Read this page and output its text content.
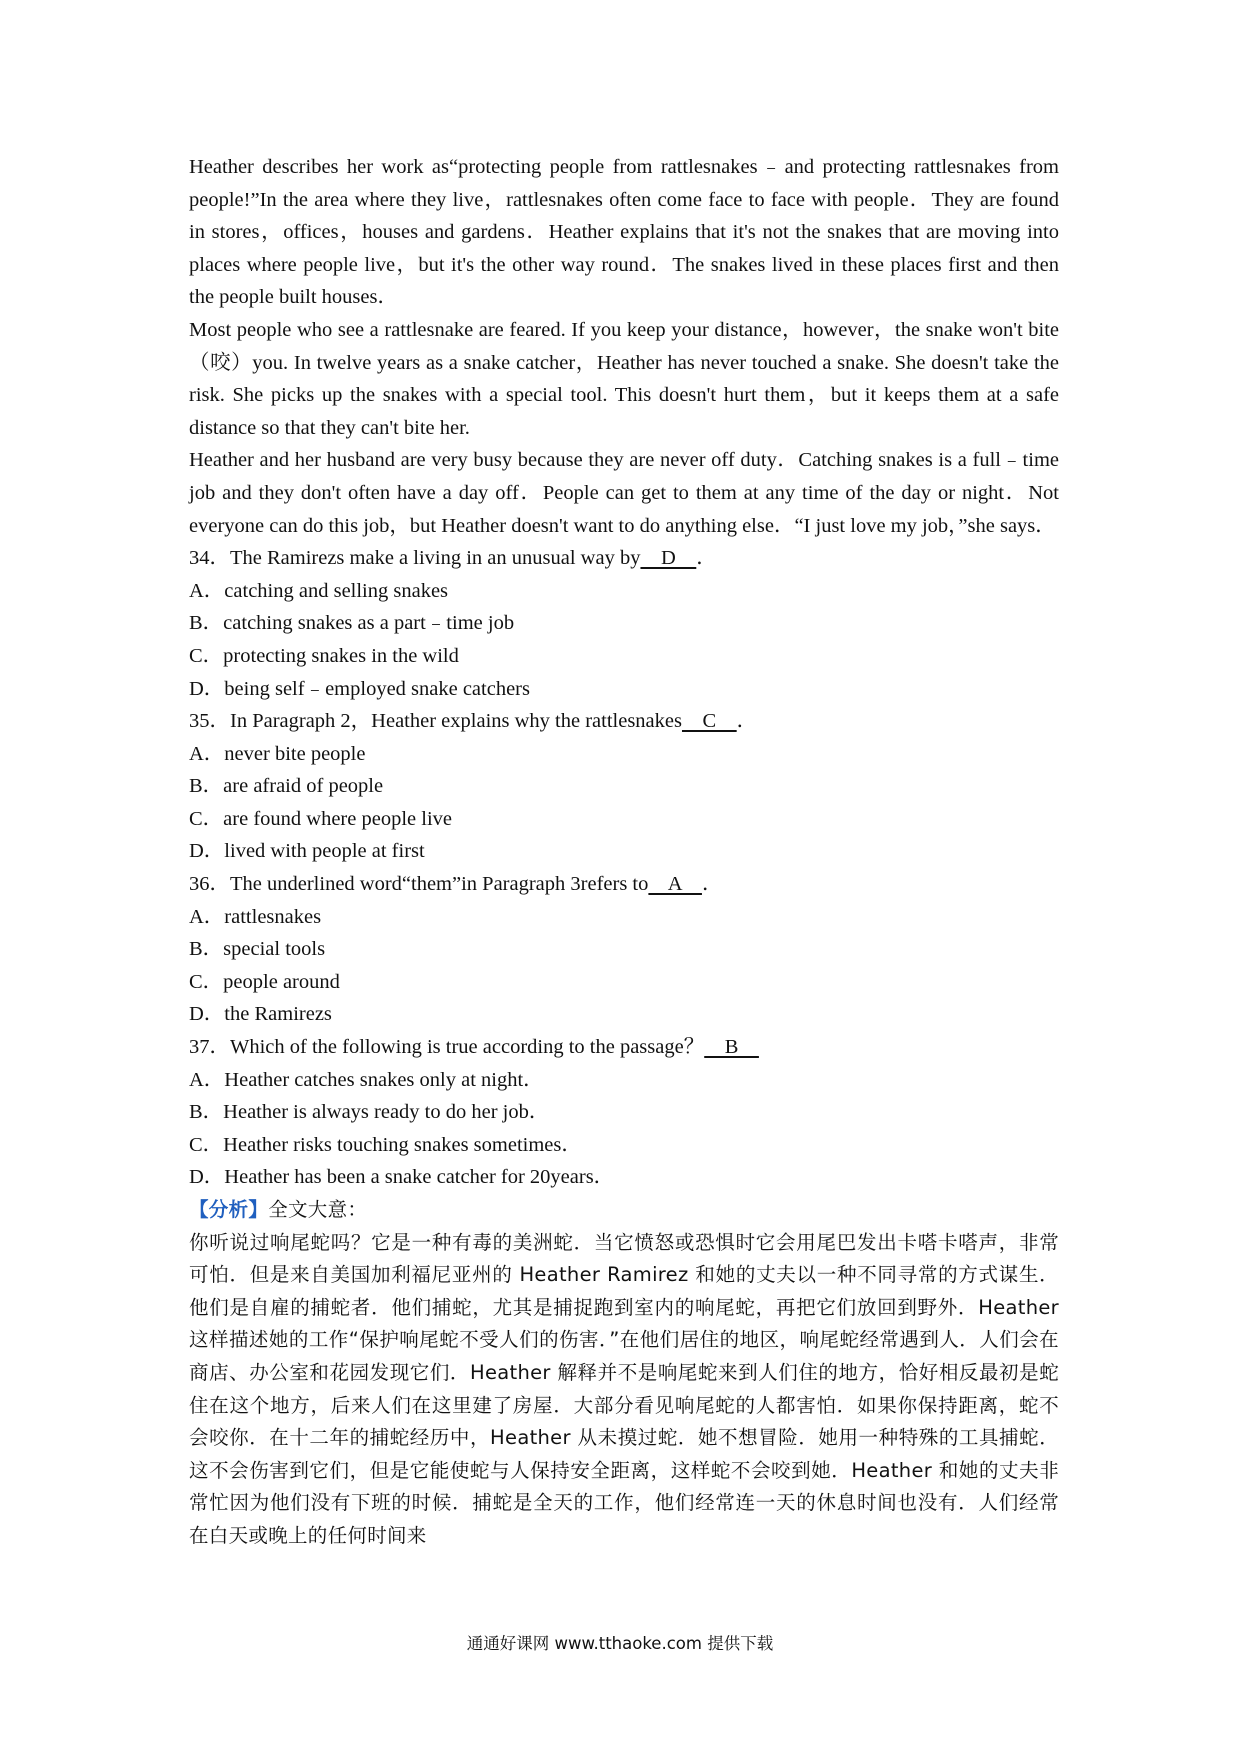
Heather describes her work as“protecting people from rattlesnakes﹣and protecting rattlesnakes from people!”In the area where they live，rattlesnakes often come face to face with people．They are found in stores，offices，houses and gardens．Heather explains that it's not the snakes that are moving into places where people live，but it's the other way round．The snakes lived in these places first and then the people built houses．
Most people who see a rattlesnake are feared. If you keep your distance，however，the snake won't bite（咬）you. In twelve years as a snake catcher，Heather has never touched a snake. She doesn't take the risk. She picks up the snakes with a special tool. This doesn't hurt them，but it keeps them at a safe distance so that they can't bite her.
Heather and her husband are very busy because they are never off duty．Catching snakes is a full﹣time job and they don't often have a day off．People can get to them at any time of the day or night．Not everyone can do this job，but Heather doesn't want to do anything else．“I just love my job，”she says．
34．The Ramirezs make a living in an unusual way by    D    ．
A．catching and selling snakes
B．catching snakes as a part﹣time job
C．protecting snakes in the wild
D．being self﹣employed snake catchers
35．In Paragraph 2，Heather explains why the rattlesnakes    C    ．
A．never bite people
B．are afraid of people
C．are found where people live
D．lived with people at first
36．The underlined word“them”in Paragraph 3refers to    A    ．
A．rattlesnakes
B．special tools
C．people around
D．the Ramirezs
37．Which of the following is true according to the passage？    B
A．Heather catches snakes only at night．
B．Heather is always ready to do her job．
C．Heather risks touching snakes sometimes．
D．Heather has been a snake catcher for 20years．
【分析】全文大意：
你听说过响尾蛇吗？它是一种有毒的美洲蛇．当它愤怒或恐惧时它会用尾巴发出卡嗒卡嗒声，非常可怕．但是来自美国加利福尼亚州的 Heather Ramirez 和她的丈夫以一种不同寻常的方式谋生．他们是自雇的捕蛇者．他们捕蛇，尤其是捕捉跑到室内的响尾蛇，再把它们放回到野外．Heather 这样描述她的工作“保护响尾蛇不受人们的伤害．”在他们居住的地区，响尾蛇经常遇到人．人们会在商店、办公室和花园发现它们．Heather 解释并不是响尾蛇来到人们住的地方，恰好相反最初是蛇住在这个地方，后来人们在这里建了房屋．大部分看见响尾蛇的人都害怕．如果你保持距离，蛇不会咬你．在十二年的捕蛇经历中，Heather 从未摸过蛇．她不想冒险．她用一种特殊的工具捕蛇．这不会伤害到它们，但是它能使蛇与人保持安全距离，这样蛇不会咬到她．Heather 和她的丈夫非常忙因为他们没有下班的时候．捕蛇是全天的工作，他们经常连一天的休息时间也没有．人们经常在白天或晚上的任何时间来
通通好课网 www.tthaoke.com 提供下载
